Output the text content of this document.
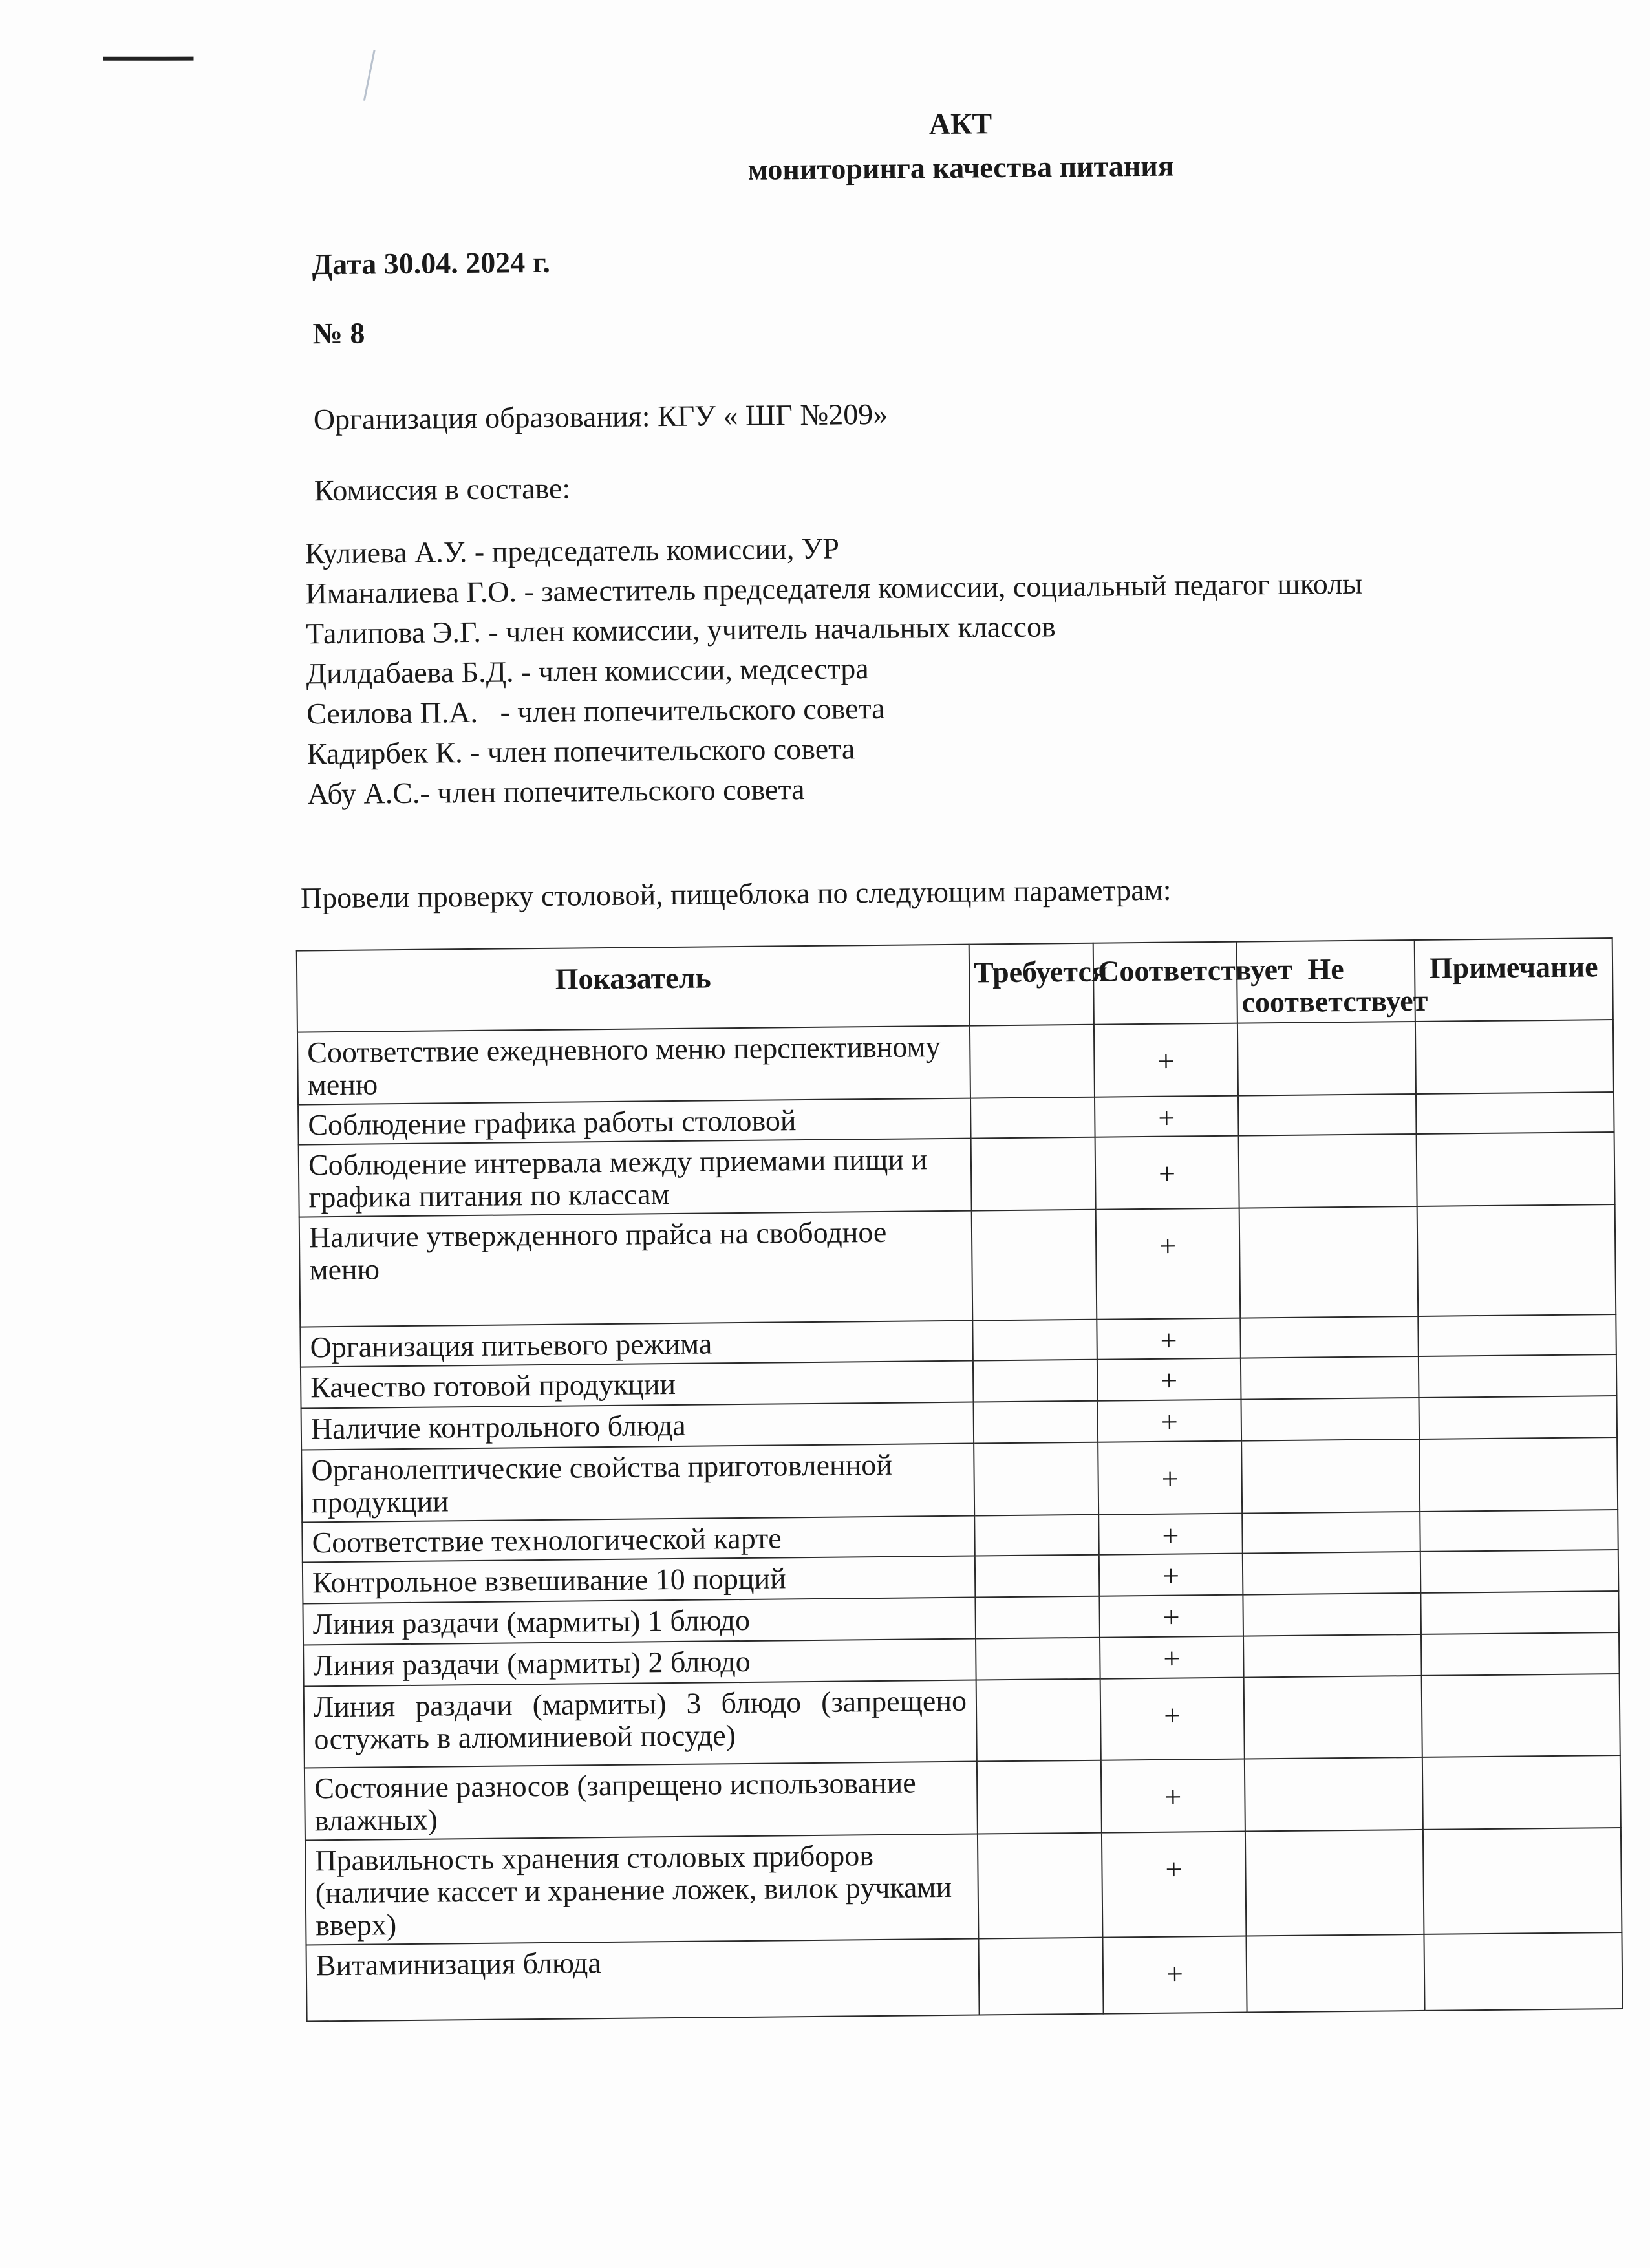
АКТ
мониторинга качества питания
Дата 30.04. 2024 г.
№ 8
Организация образования: КГУ « ШГ №209»
Комиссия в составе:
Кулиева А.У. - председатель комиссии, УР
Иманалиева Г.О. - заместитель председателя комиссии, социальный педагог школы
Талипова Э.Г. - член комиссии, учитель начальных классов
Дилдабаева Б.Д. - член комиссии, медсестра
Сеилова П.А.   - член попечительского совета
Кадирбек К. - член попечительского совета
Абу А.С.- член попечительского совета
Провели проверку столовой, пищеблока по следующим параметрам:
Показатель	Требуется	Соответствует	Не соответствует	Примечание
Соответствие ежедневного меню перспективному меню		+		
Соблюдение графика работы столовой		+		
Соблюдение интервала между приемами пищи и графика питания по классам		+		
Наличие утвержденного прайса на свободное меню		+		
Организация питьевого режима		+		
Качество готовой продукции		+		
Наличие контрольного блюда		+		
Органолептические свойства приготовленной продукции		+		
Соответствие технологической карте		+		
Контрольное взвешивание 10 порций		+		
Линия раздачи (мармиты) 1 блюдо		+		
Линия раздачи (мармиты) 2 блюдо		+		
Линия раздачи (мармиты) 3 блюдо (запрещено остужать в алюминиевой посуде)		+		
Состояние разносов (запрещено использование влажных)		+		
Правильность хранения столовых приборов (наличие кассет и хранение ложек, вилок ручками вверх)		+		
Витаминизация блюда		+		
